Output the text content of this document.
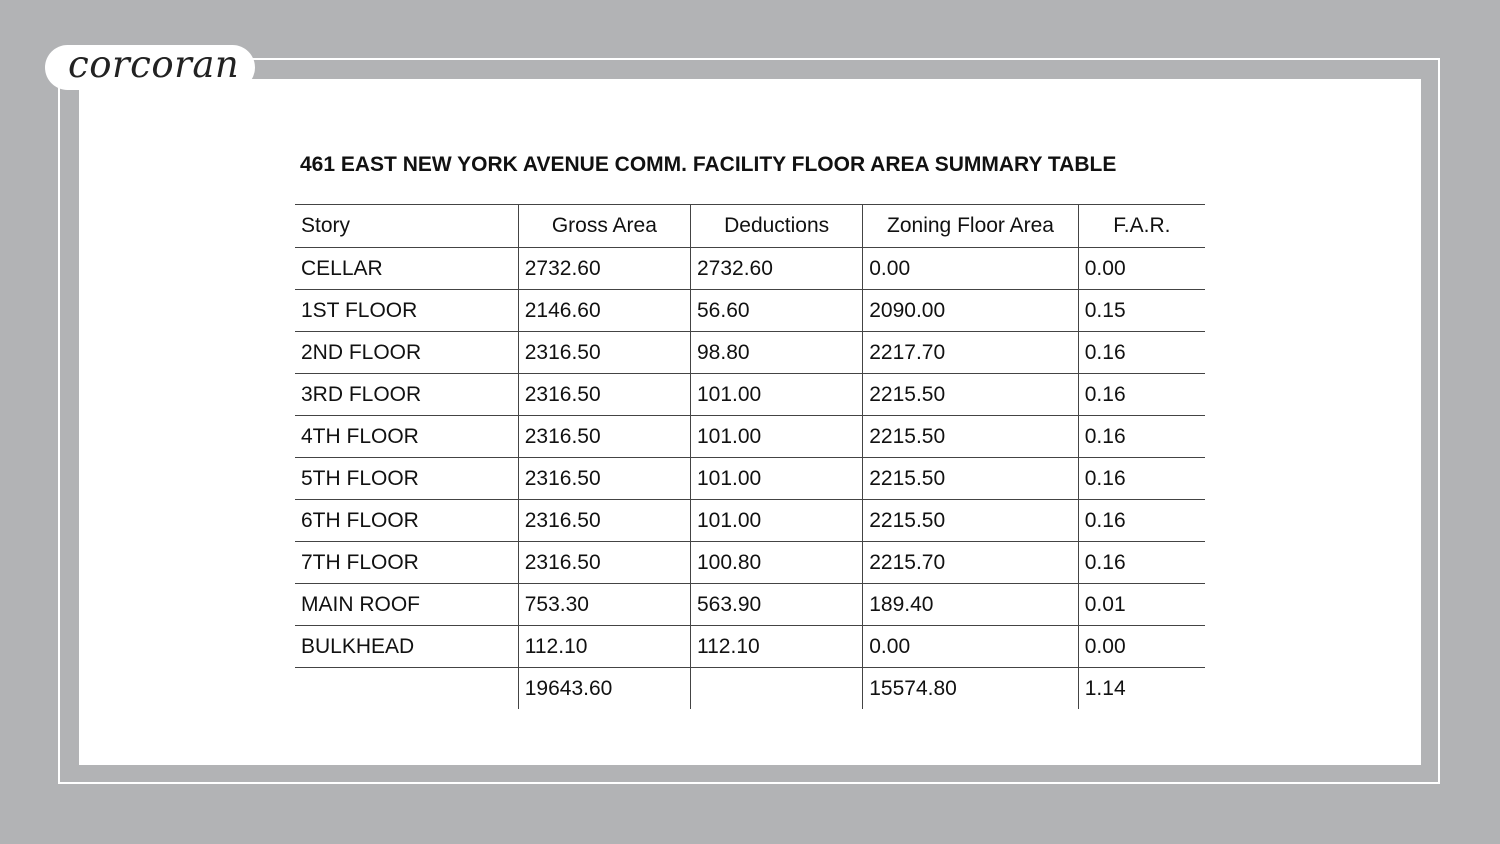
corcoran
461 EAST NEW YORK AVENUE COMM. FACILITY FLOOR AREA SUMMARY TABLE
Story	Gross Area	Deductions	Zoning Floor Area	F.A.R.
CELLAR	2732.60	2732.60	0.00	0.00
1ST FLOOR	2146.60	56.60	2090.00	0.15
2ND FLOOR	2316.50	98.80	2217.70	0.16
3RD FLOOR	2316.50	101.00	2215.50	0.16
4TH FLOOR	2316.50	101.00	2215.50	0.16
5TH FLOOR	2316.50	101.00	2215.50	0.16
6TH FLOOR	2316.50	101.00	2215.50	0.16
7TH FLOOR	2316.50	100.80	2215.70	0.16
MAIN ROOF	753.30	563.90	189.40	0.01
BULKHEAD	112.10	112.10	0.00	0.00
	19643.60		15574.80	1.14
